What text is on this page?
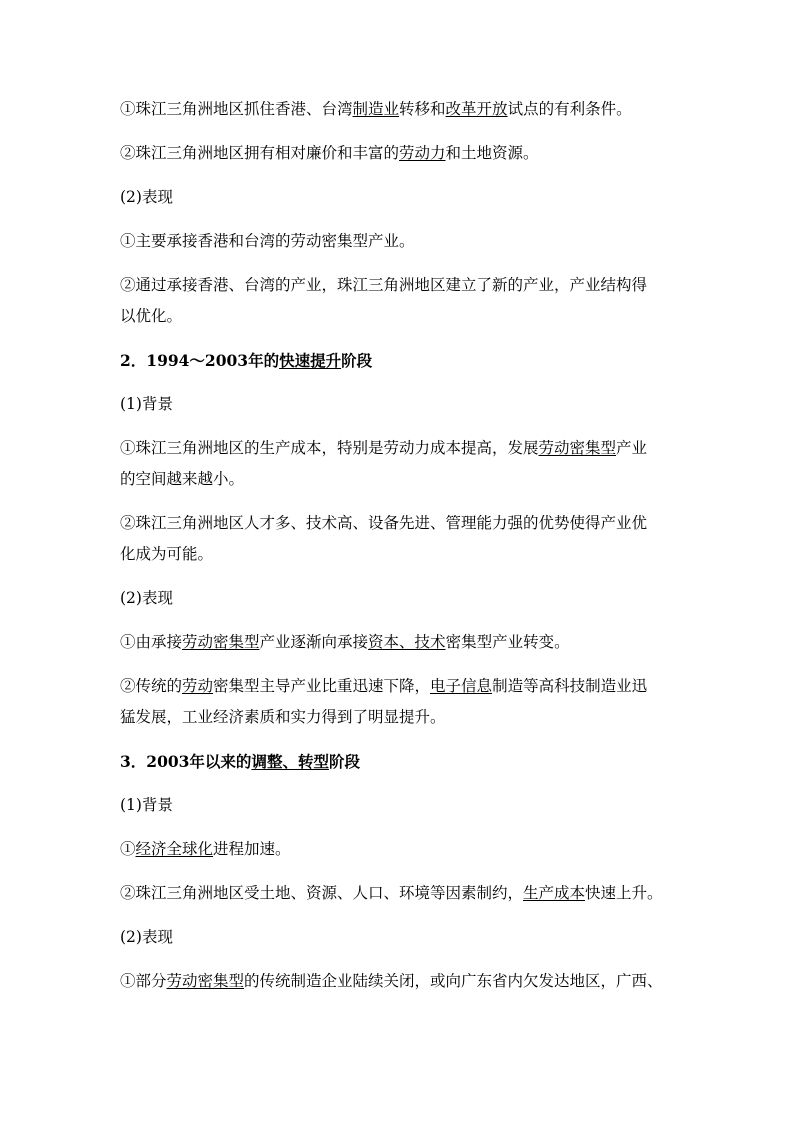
①珠江三角洲地区抓住香港、台湾制造业转移和改革开放试点的有利条件。
②珠江三角洲地区拥有相对廉价和丰富的劳动力和土地资源。
(2)表现
①主要承接香港和台湾的劳动密集型产业。
②通过承接香港、台湾的产业，珠江三角洲地区建立了新的产业，产业结构得
以优化。
2．1994～2003年的快速提升阶段
(1)背景
①珠江三角洲地区的生产成本，特别是劳动力成本提高，发展劳动密集型产业
的空间越来越小。
②珠江三角洲地区人才多、技术高、设备先进、管理能力强的优势使得产业优
化成为可能。
(2)表现
①由承接劳动密集型产业逐渐向承接资本、技术密集型产业转变。
②传统的劳动密集型主导产业比重迅速下降，电子信息制造等高科技制造业迅
猛发展，工业经济素质和实力得到了明显提升。
3．2003年以来的调整、转型阶段
(1)背景
①经济全球化进程加速。
②珠江三角洲地区受土地、资源、人口、环境等因素制约，生产成本快速上升。
(2)表现
①部分劳动密集型的传统制造企业陆续关闭，或向广东省内欠发达地区，广西、
